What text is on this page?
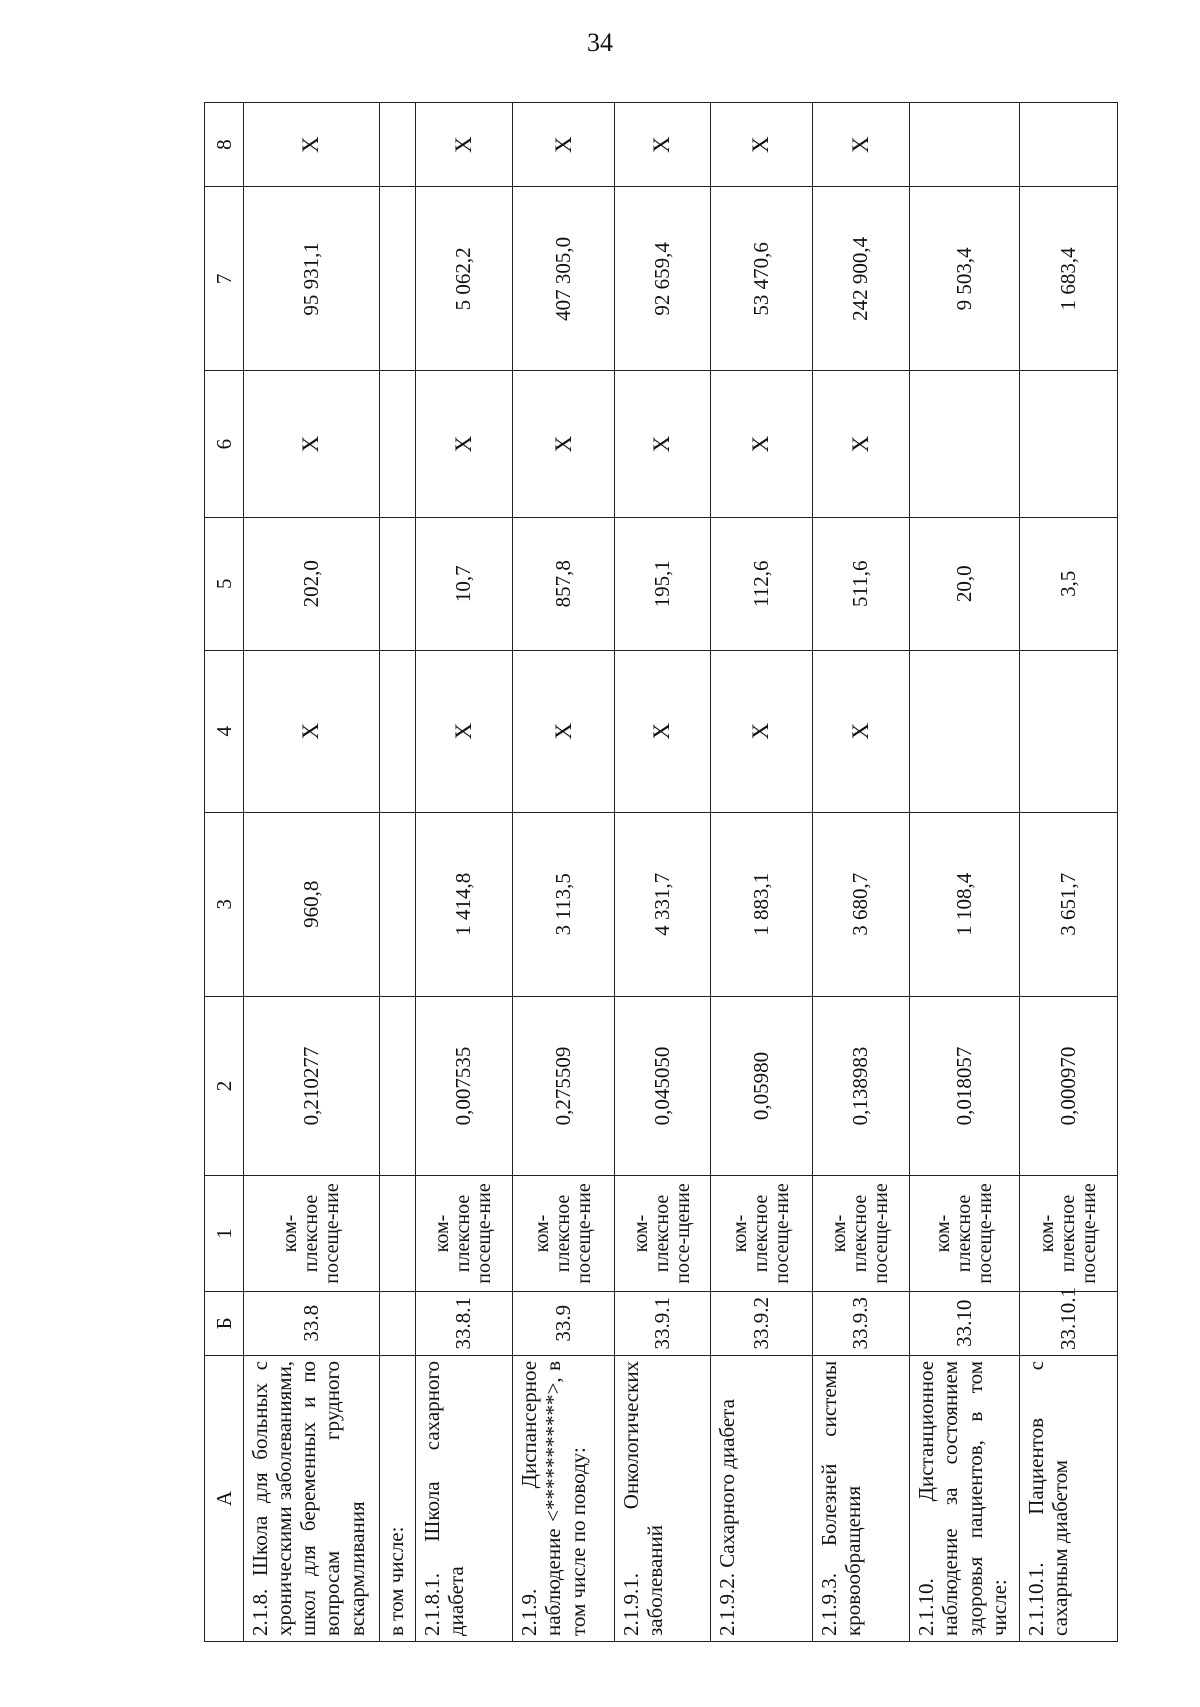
34
А	Б	1	2	3	4	5	6	7	8
2.1.8. Школа для больных с хроническими заболеваниями, школ для беременных и по вопросам грудного вскармливания	33.8	ком-плексное посеще-ние	0,210277	960,8	Х	202,0	Х	95 931,1	Х
в том числе:									
2.1.8.1. Школа сахарного диабета	33.8.1	ком-плексное посеще-ние	0,007535	1 414,8	Х	10,7	Х	5 062,2	Х
2.1.9. Диспансерное наблюдение <***********>, в том числе по поводу:	33.9	ком-плексное посеще-ние	0,275509	3 113,5	Х	857,8	Х	407 305,0	Х
2.1.9.1. Онкологических заболеваний	33.9.1	ком-плексное посе-щение	0,045050	4 331,7	Х	195,1	Х	92 659,4	Х
2.1.9.2. Сахарного диабета	33.9.2	ком-плексное посеще-ние	0,05980	1 883,1	Х	112,6	Х	53 470,6	Х
2.1.9.3. Болезней системы кровообращения	33.9.3	ком-плексное посеще-ние	0,138983	3 680,7	Х	511,6	Х	242 900,4	Х
2.1.10. Дистанционное наблюдение за состоянием здоровья пациентов, в том числе:	33.10	ком-плексное посеще-ние	0,018057	1 108,4		20,0		9 503,4	
2.1.10.1. Пациентов с сахарным диабетом	33.10.1	ком-плексное посеще-ние	0,000970	3 651,7		3,5		1 683,4	
